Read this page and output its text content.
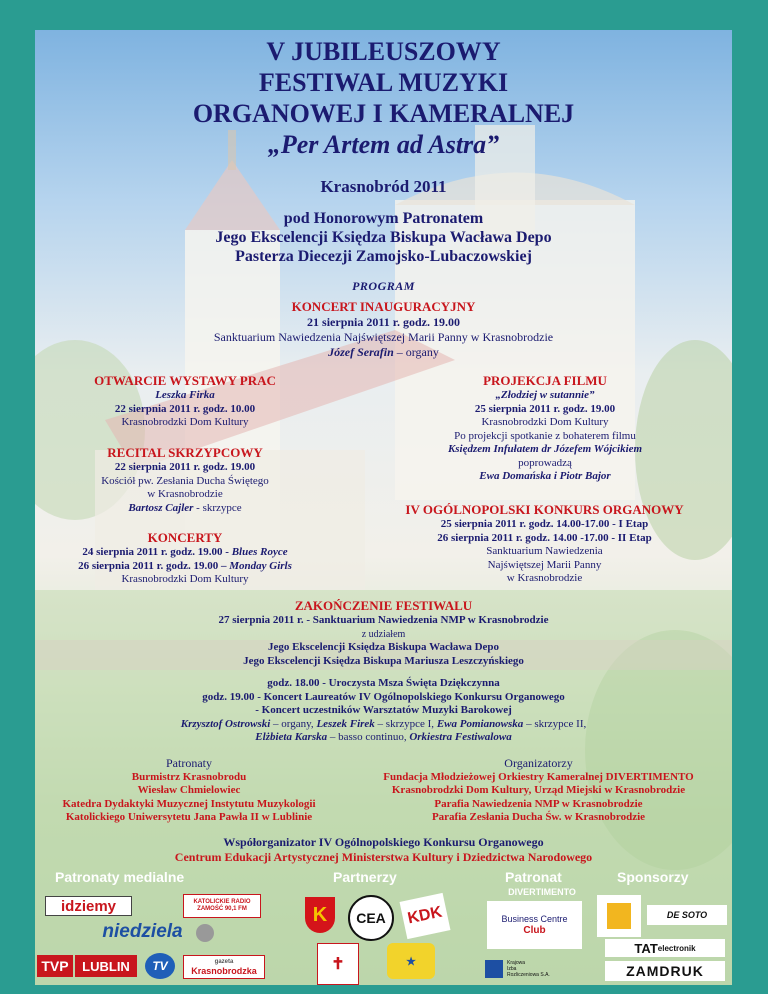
V JUBILEUSZOWY
FESTIWAL MUZYKI
ORGANOWEJ I KAMERALNEJ
„Per Artem ad Astra”
Krasnobród 2011
pod Honorowym Patronatem
Jego Ekscelencji Księdza Biskupa Wacława Depo
Pasterza Diecezji Zamojsko-Lubaczowskiej
PROGRAM
KONCERT INAUGURACYJNY
21 sierpnia 2011 r. godz. 19.00
Sanktuarium Nawiedzenia Najświętszej Marii Panny w Krasnobrodzie
Józef Serafin – organy
OTWARCIE WYSTAWY PRAC
Leszka Firka
22 sierpnia 2011 r. godz. 10.00
Krasnobrodzki Dom Kultury
RECITAL SKRZYPCOWY
22 sierpnia 2011 r. godz. 19.00
Kościół pw. Zesłania Ducha Świętego
w Krasnobrodzie
Bartosz Cajler - skrzypce
KONCERTY
24 sierpnia 2011 r. godz. 19.00 - Blues Royce
26 sierpnia 2011 r. godz. 19.00 – Monday Girls
Krasnobrodzki Dom Kultury
PROJEKCJA FILMU
„Złodziej w sutannie”
25 sierpnia 2011 r. godz. 19.00
Krasnobrodzki Dom Kultury
Po projekcji spotkanie z bohaterem filmu
Księdzem Infułatem dr Józefem Wójcikiem
poprowadzą
Ewa Domańska i Piotr Bajor
IV OGÓLNOPOLSKI KONKURS ORGANOWY
25 sierpnia 2011 r. godz. 14.00-17.00 - I Etap
26 sierpnia 2011 r. godz. 14.00 -17.00 - II Etap
Sanktuarium Nawiedzenia
Najświętszej Marii Panny
w Krasnobrodzie
ZAKOŃCZENIE FESTIWALU
27 sierpnia 2011 r. - Sanktuarium Nawiedzenia NMP w Krasnobrodzie
z udziałem
Jego Ekscelencji Księdza Biskupa Wacława Depo
Jego Ekscelencji Księdza Biskupa Mariusza Leszczyńskiego
godz. 18.00 - Uroczysta Msza Święta Dziękczynna
godz. 19.00 - Koncert Laureatów IV Ogólnopolskiego Konkursu Organowego
- Koncert uczestników Warsztatów Muzyki Barokowej
Krzysztof Ostrowski – organy, Leszek Firek – skrzypce I, Ewa Pomianowska – skrzypce II,
Elżbieta Karska – basso continuo, Orkiestra Festiwalowa
Patronaty
Burmistrz Krasnobrodu
Wiesław Chmielowiec
Katedra Dydaktyki Muzycznej Instytutu Muzykologii
Katolickiego Uniwersytetu Jana Pawła II w Lublinie
Organizatorzy
Fundacja Młodzieżowej Orkiestry Kameralnej DIVERTIMENTO
Krasnobrodzki Dom Kultury, Urząd Miejski w Krasnobrodzie
Parafia Nawiedzenia NMP w Krasnobrodzie
Parafia Zesłania Ducha Św. w Krasnobrodzie
Współorganizator IV Ogólnopolskiego Konkursu Organowego
Centrum Edukacji Artystycznej Ministerstwa Kultury i Dziedzictwa Narodowego
Patronaty medialne	Partnerzy	Patronat	Sponsorzy
DIVERTIMENTO
idziemy	KATOLICKIE RADIO
ZAMOŚĆ 90,1 FM
niedziela
TVP	LUBLIN	TV	gazeta
Krasnobrodzka
K	CEA	KDK
✝	★
Business Centre
Club
Krajowa
Izba
Rozliczeniowa S.A.
DE SOTO
TAT electronik
ZAMDRUK
